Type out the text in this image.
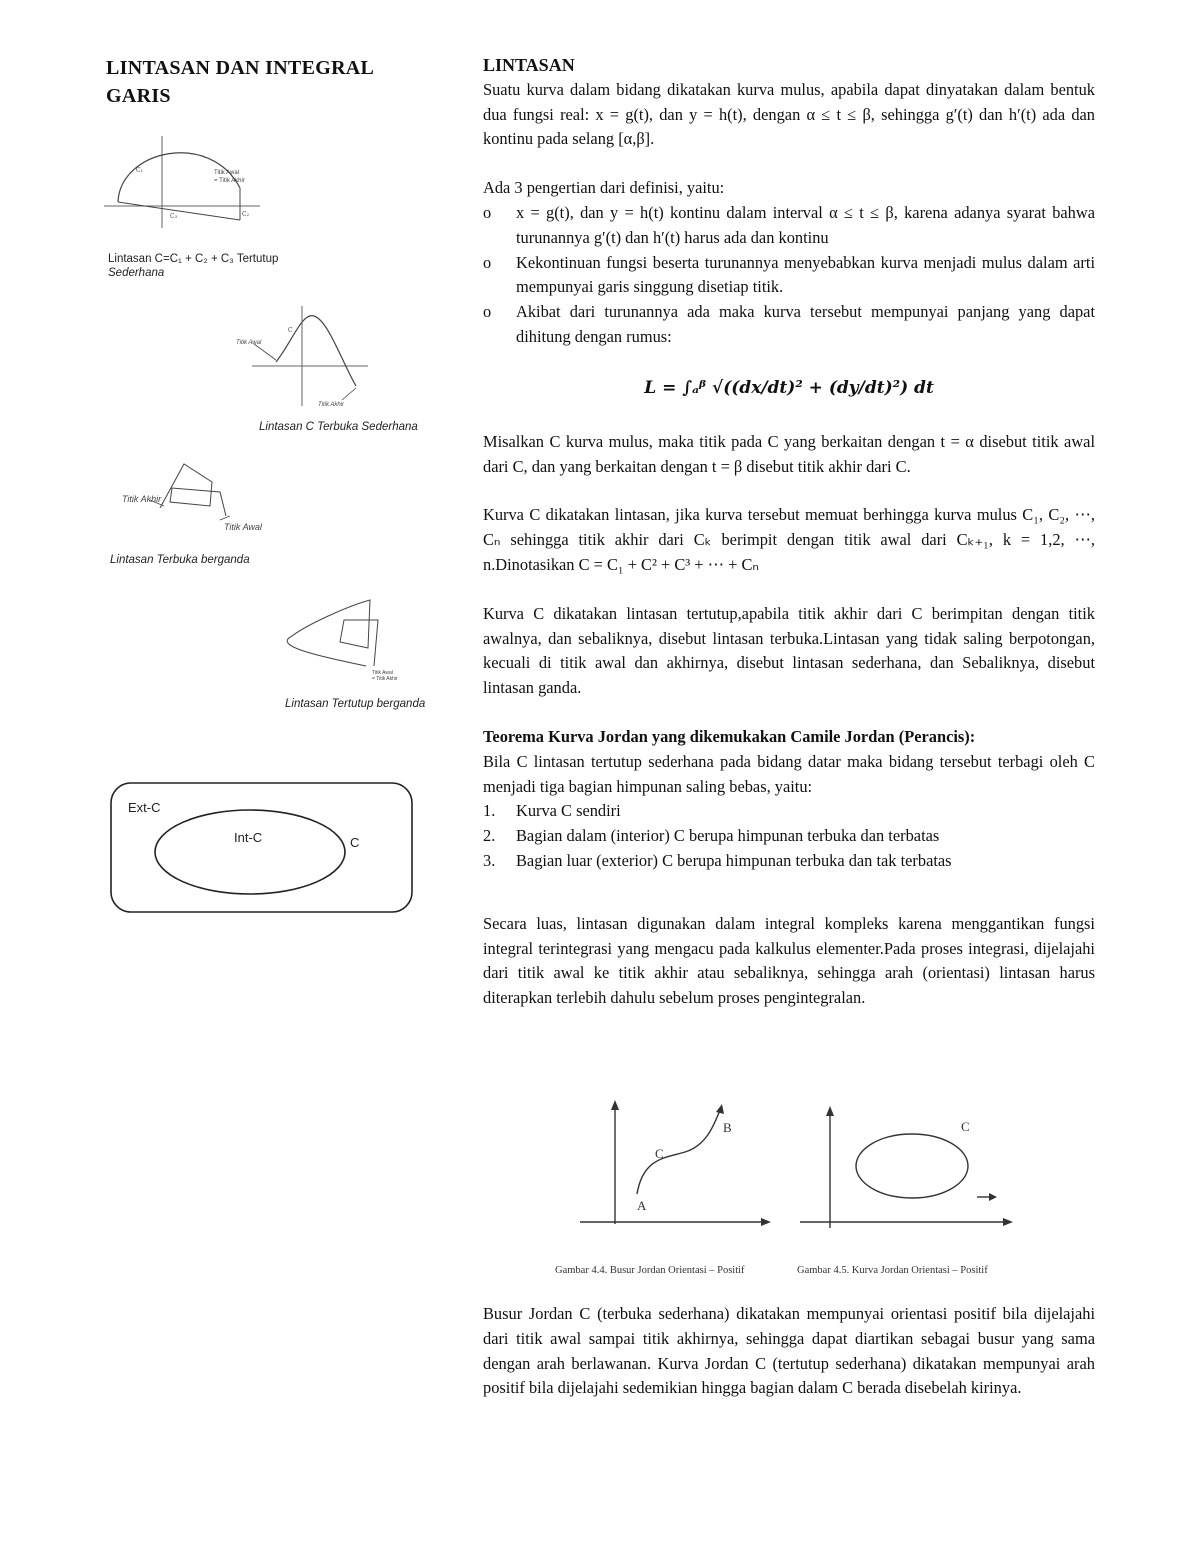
LINTASAN DAN INTEGRAL GARIS
Titik Awal
= Titik Akhir
C₁
C₂
C₃
Lintasan C=C₁ + C₂ + C₃ Tertutup
Sederhana
Titik Awal
Titik Akhir
C
Lintasan C Terbuka Sederhana
Titik Akhir
Titik Awal
Lintasan Terbuka berganda
Titik Awal
= Titik Akhir
Lintasan Tertutup berganda
Ext-C
Int-C	C

LINTASAN

Suatu kurva dalam bidang dikatakan kurva mulus, apabila dapat dinyatakan dalam bentuk dua fungsi real: x = g(t), dan y = h(t), dengan α ≤ t ≤ β, sehingga g′(t) dan h′(t) ada dan kontinu pada selang [α,β].

Ada 3 pengertian dari definisi, yaitu:

o x = g(t), dan y = h(t) kontinu dalam interval α ≤ t ≤ β, karena adanya syarat bahwa turunannya g′(t) dan h′(t) harus ada dan kontinu
o Kekontinuan fungsi beserta turunannya menyebabkan kurva menjadi mulus dalam arti mempunyai garis singgung disetiap titik.
o Akibat dari turunannya ada maka kurva tersebut mempunyai panjang yang dapat dihitung dengan rumus:
L = ∫ₐᵝ √((dx/dt)² + (dy/dt)²) dt

Misalkan C kurva mulus, maka titik pada C yang berkaitan dengan t = α disebut titik awal dari C, dan yang berkaitan dengan t = β disebut titik akhir dari C.

Kurva C dikatakan lintasan, jika kurva tersebut memuat berhingga kurva mulus C₁, C₂, ⋯, Cₙ sehingga titik akhir dari Cₖ berimpit dengan titik awal dari Cₖ₊₁, k = 1,2, ⋯, n.Dinotasikan C = C₁ + C² + C³ + ⋯ + Cₙ

Kurva C dikatakan lintasan tertutup,apabila titik akhir dari C berimpitan dengan titik awalnya, dan sebaliknya, disebut lintasan terbuka.Lintasan yang tidak saling berpotongan, kecuali di titik awal dan akhirnya, disebut lintasan sederhana, dan Sebaliknya, disebut lintasan ganda.

Teorema Kurva Jordan yang dikemukakan Camile Jordan (Perancis):

Bila C lintasan tertutup sederhana pada bidang datar maka bidang tersebut terbagi oleh C menjadi tiga bagian himpunan saling bebas, yaitu:

1. Kurva C sendiri
2. Bagian dalam (interior) C berupa himpunan terbuka dan terbatas
3. Bagian luar (exterior) C berupa himpunan terbuka dan tak terbatas

Secara luas, lintasan digunakan dalam integral kompleks karena menggantikan fungsi integral terintegrasi yang mengacu pada kalkulus elementer.Pada proses integrasi, dijelajahi dari titik awal ke titik akhir atau sebaliknya, sehingga arah (orientasi) lintasan harus diterapkan terlebih dahulu sebelum proses pengintegralan.

A
B
C
C
Gambar 4.4. Busur Jordan Orientasi – Positif	Gambar 4.5. Kurva Jordan Orientasi – Positif

Busur Jordan C (terbuka sederhana) dikatakan mempunyai orientasi positif bila dijelajahi dari titik awal sampai titik akhirnya, sehingga dapat diartikan sebagai busur yang sama dengan arah berlawanan. Kurva Jordan C (tertutup sederhana) dikatakan mempunyai arah positif bila dijelajahi sedemikian hingga bagian dalam C berada disebelah kirinya.
